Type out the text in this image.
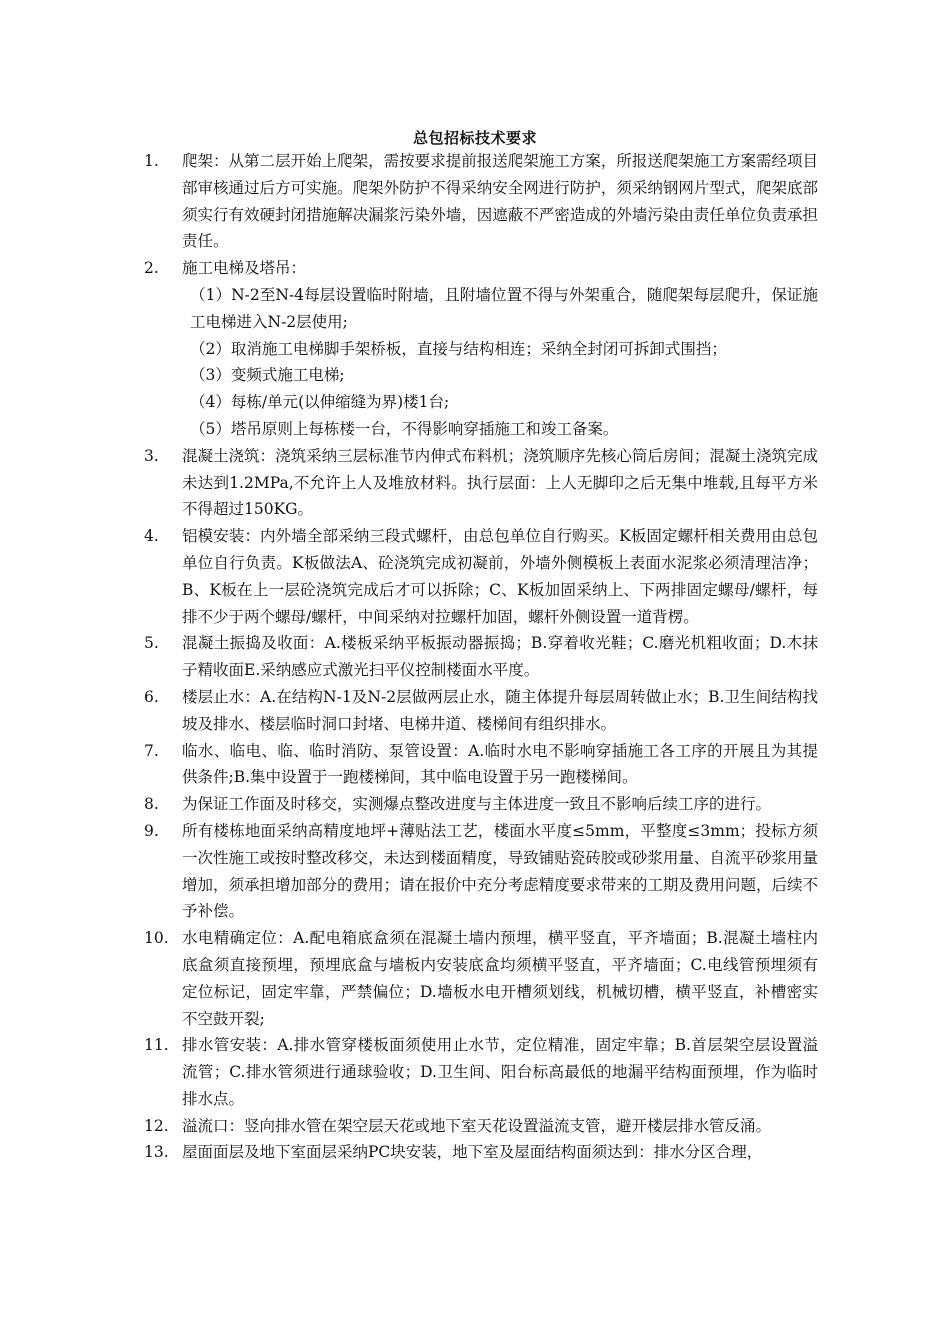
总包招标技术要求
1.	爬架：从第二层开始上爬架，需按要求提前报送爬架施工方案，所报送爬架施工方案需经项目部审核通过后方可实施。爬架外防护不得采纳安全网进行防护，须采纳钢网片型式，爬架底部须实行有效硬封闭措施解决漏浆污染外墙，因遮蔽不严密造成的外墙污染由责任单位负责承担责任。
2.	施工电梯及塔吊：
（1）N-2至N-4每层设置临时附墙，且附墙位置不得与外架重合，随爬架每层爬升，保证施工电梯进入N-2层使用;
（2）取消施工电梯脚手架桥板，直接与结构相连；采纳全封闭可拆卸式围挡；
（3）变频式施工电梯;
（4）每栋/单元(以伸缩缝为界)楼1台;
（5）塔吊原则上每栋楼一台，不得影响穿插施工和竣工备案。
3.	混凝土浇筑：浇筑采纳三层标准节内伸式布料机；浇筑顺序先核心筒后房间；混凝土浇筑完成未达到1.2MPa,不允许上人及堆放材料。执行层面：上人无脚印之后无集中堆载,且每平方米不得超过150KG。
4.	铝模安装：内外墙全部采纳三段式螺杆，由总包单位自行购买。K板固定螺杆相关费用由总包单位自行负责。K板做法A、砼浇筑完成初凝前，外墙外侧模板上表面水泥浆必须清理洁净；B、K板在上一层砼浇筑完成后才可以拆除；C、K板加固采纳上、下两排固定螺母/螺杆，每排不少于两个螺母/螺杆，中间采纳对拉螺杆加固，螺杆外侧设置一道背楞。
5.	混凝土振捣及收面：A.楼板采纳平板振动器振捣；B.穿着收光鞋；C.磨光机粗收面；D.木抹子精收面E.采纳感应式激光扫平仪控制楼面水平度。
6.	楼层止水：A.在结构N-1及N-2层做两层止水，随主体提升每层周转做止水；B.卫生间结构找坡及排水、楼层临时洞口封堵、电梯井道、楼梯间有组织排水。
7.	临水、临电、临、临时消防、泵管设置：A.临时水电不影响穿插施工各工序的开展且为其提供条件;B.集中设置于一跑楼梯间，其中临电设置于另一跑楼梯间。
8.	为保证工作面及时移交，实测爆点整改进度与主体进度一致且不影响后续工序的进行。
9.	所有楼栋地面采纳高精度地坪+薄贴法工艺，楼面水平度≤5mm，平整度≤3mm；投标方须一次性施工或按时整改移交，未达到楼面精度，导致铺贴瓷砖胶或砂浆用量、自流平砂浆用量增加，须承担增加部分的费用；请在报价中充分考虑精度要求带来的工期及费用问题，后续不予补偿。
10. 水电精确定位：A.配电箱底盒须在混凝土墙内预埋，横平竖直，平齐墙面；B.混凝土墙柱内底盒须直接预埋，预埋底盒与墙板内安装底盒均须横平竖直，平齐墙面；C.电线管预埋须有定位标记，固定牢靠，严禁偏位；D.墙板水电开槽须划线，机械切槽，横平竖直，补槽密实不空鼓开裂;
11. 排水管安装：A.排水管穿楼板面须使用止水节，定位精准，固定牢靠；B.首层架空层设置溢流管；C.排水管须进行通球验收；D.卫生间、阳台标高最低的地漏平结构面预埋，作为临时排水点。
12. 溢流口：竖向排水管在架空层天花或地下室天花设置溢流支管，避开楼层排水管反涌。
13. 屋面面层及地下室面层采纳PC块安装，地下室及屋面结构面须达到：排水分区合理，
